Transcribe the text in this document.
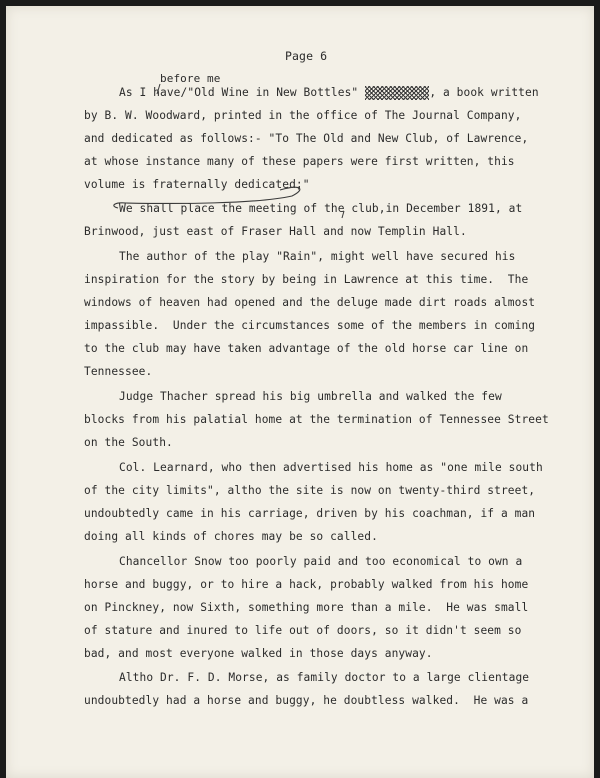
Page 6
before me
As I have/"Old Wine in New Bottles"	, a book written
by B. W. Woodward, printed in the office of The Journal Company,
and dedicated as follows:- "To The Old and New Club, of Lawrence,
at whose instance many of these papers were first written, this
volume is fraternally dedicated;"
We shall place the meeting of the club,in December 1891, at
Brinwood, just east of Fraser Hall and now Templin Hall.
The author of the play "Rain", might well have secured his
inspiration for the story by being in Lawrence at this time.  The
windows of heaven had opened and the deluge made dirt roads almost
impassible.  Under the circumstances some of the members in coming
to the club may have taken advantage of the old horse car line on
Tennessee.
Judge Thacher spread his big umbrella and walked the few
blocks from his palatial home at the termination of Tennessee Street
on the South.
Col. Learnard, who then advertised his home as "one mile south
of the city limits", altho the site is now on twenty-third street,
undoubtedly came in his carriage, driven by his coachman, if a man
doing all kinds of chores may be so called.
Chancellor Snow too poorly paid and too economical to own a
horse and buggy, or to hire a hack, probably walked from his home
on Pinckney, now Sixth, something more than a mile.  He was small
of stature and inured to life out of doors, so it didn't seem so
bad, and most everyone walked in those days anyway.
Altho Dr. F. D. Morse, as family doctor to a large clientage
undoubtedly had a horse and buggy, he doubtless walked.  He was a
